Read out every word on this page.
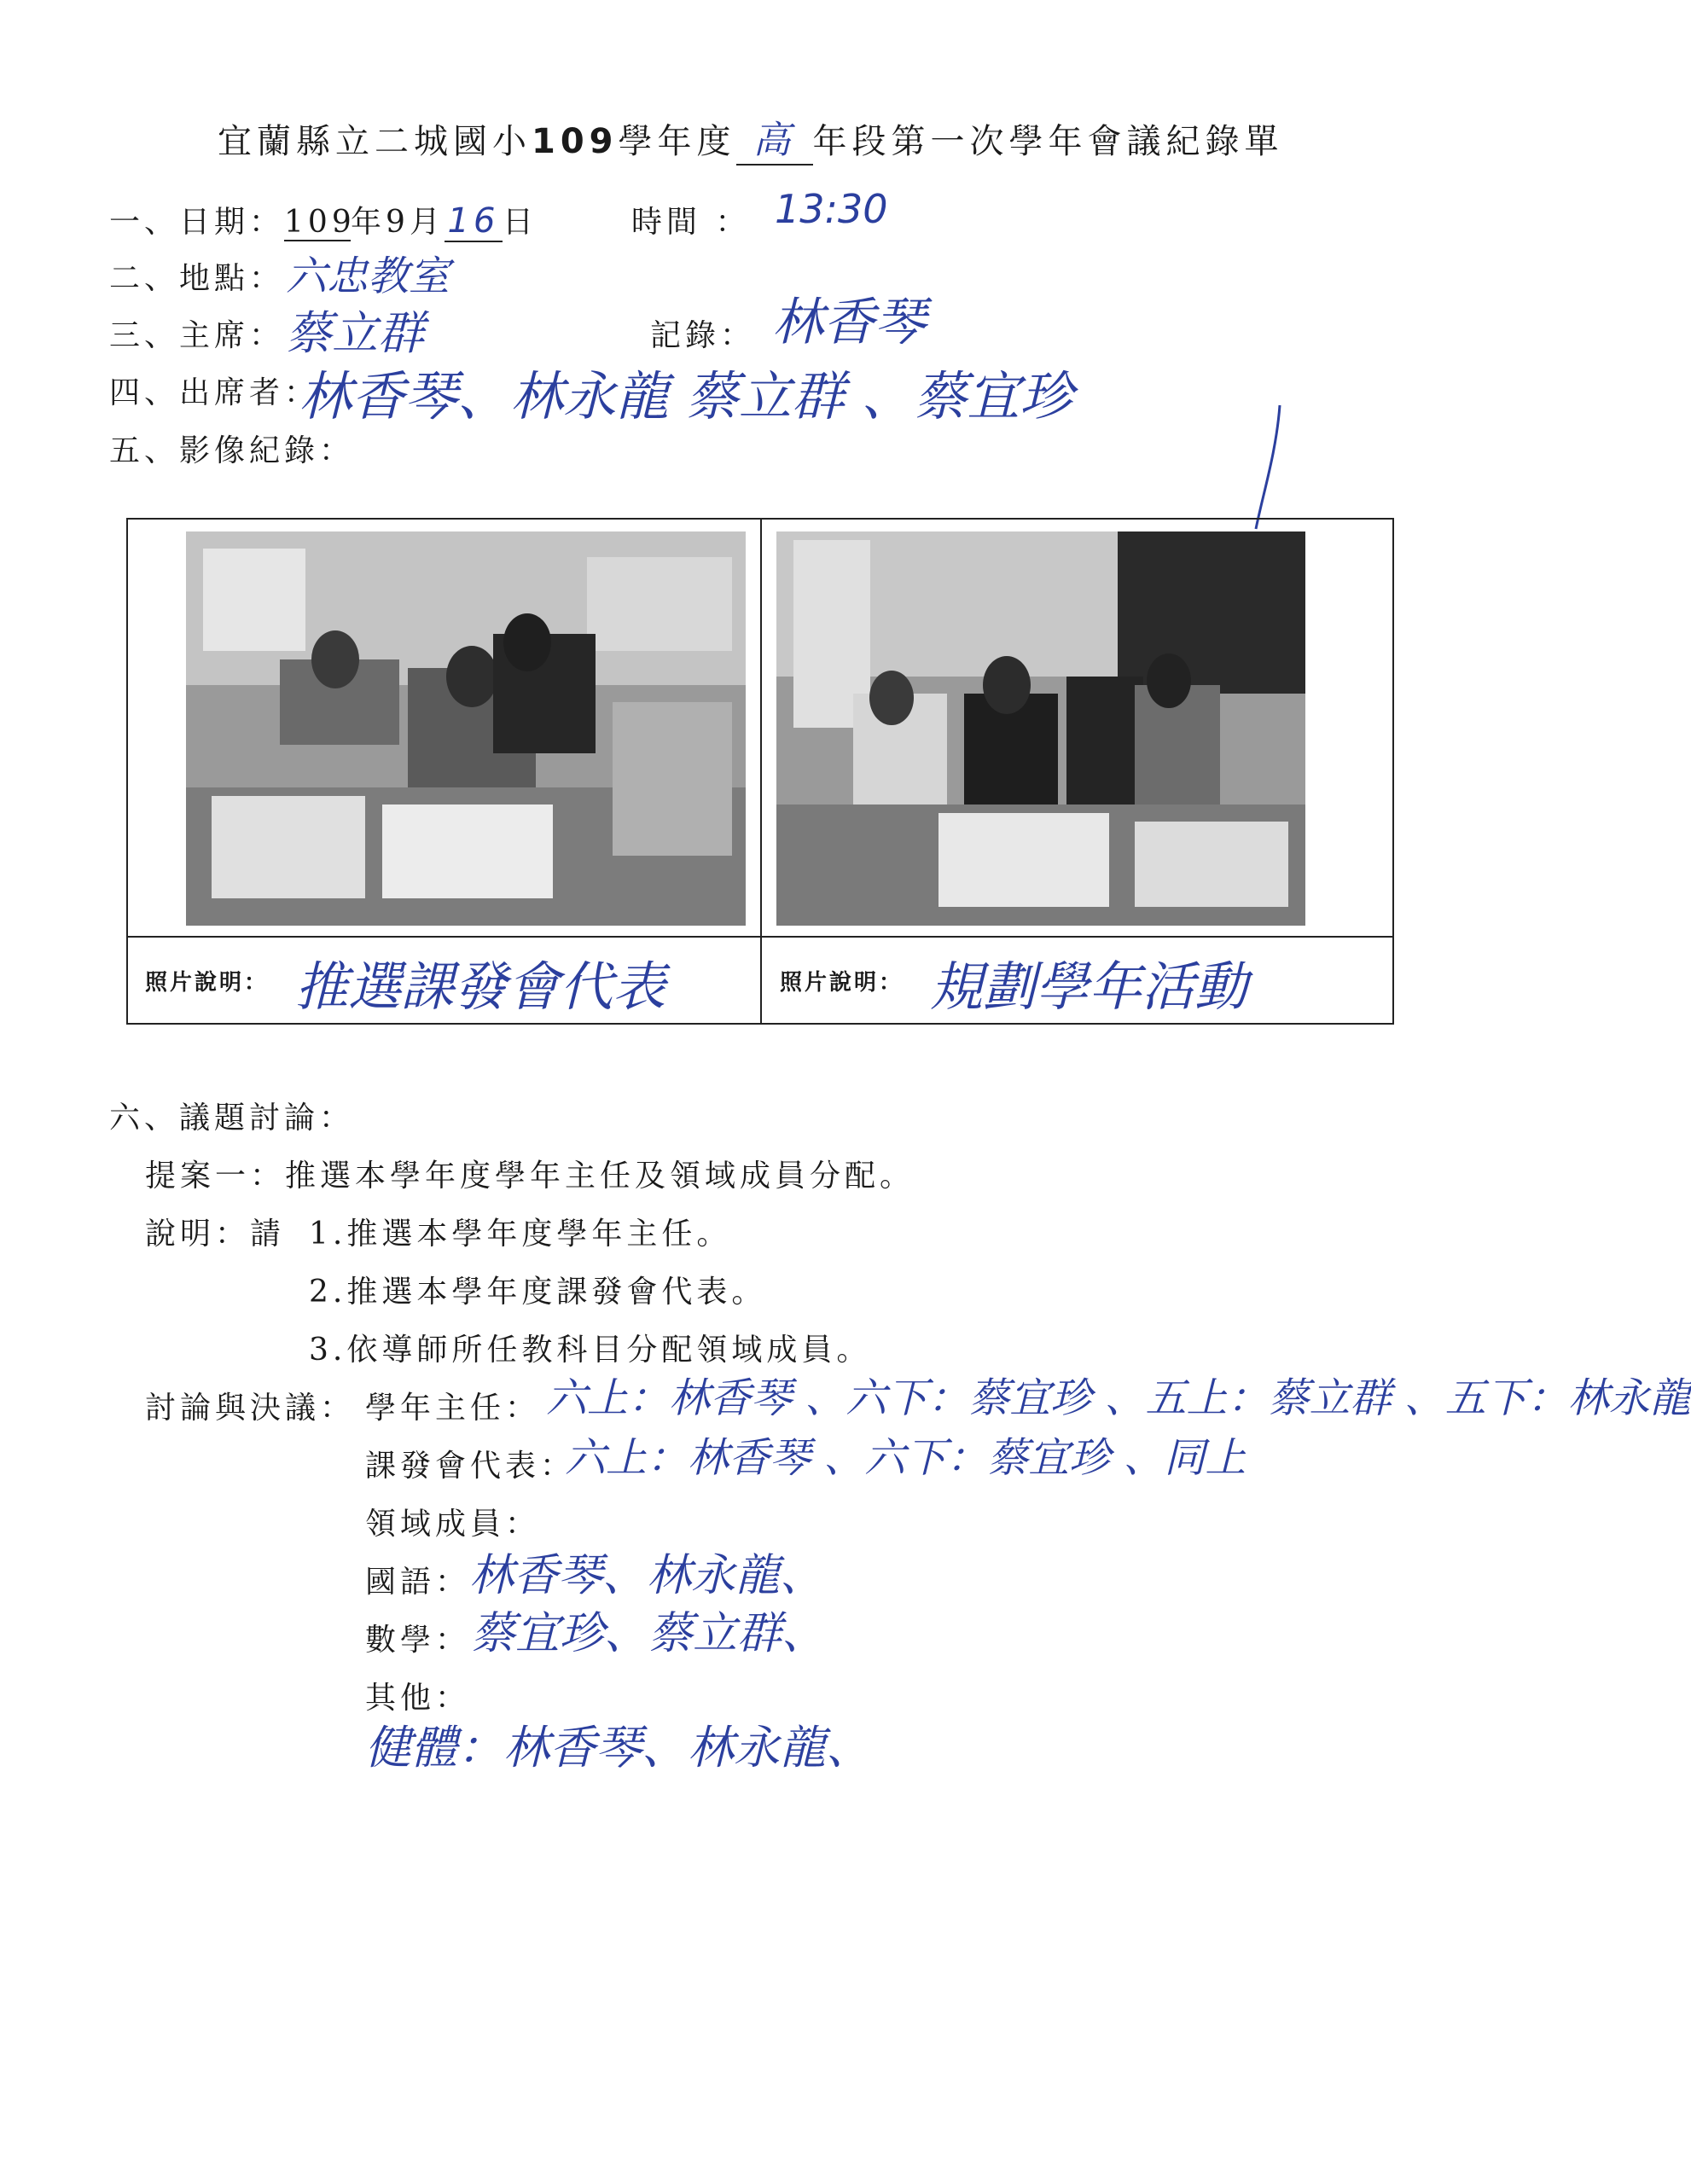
宜蘭縣立二城國小109學年度 高 年段第一次學年會議紀錄單
一、日期：109年9月16日	時間 ： 13:30
二、地點： 六忠教室
三、主席： 蔡立群	記錄： 林香琴
四、出席者：
林香琴、林永龍 蔡立群 、蔡宜珍
五、影像紀錄：
照片說明： 推選課發會代表	照片說明： 規劃學年活動
六、議題討論：
提案一：推選本學年度學年主任及領域成員分配。
說明：請 1.推選本學年度學年主任。
2.推選本學年度課發會代表。
3.依導師所任教科目分配領域成員。
討論與決議： 學年主任： 六上：林香琴 、六下：蔡宜珍 、五上：蔡立群 、五下：林永龍
課發會代表：
六上：林香琴 、六下：蔡宜珍 、同上
領域成員：
國語：
林香琴、林永龍、
數學： 蔡宜珍、蔡立群、
其他：
健體：林香琴、林永龍、
